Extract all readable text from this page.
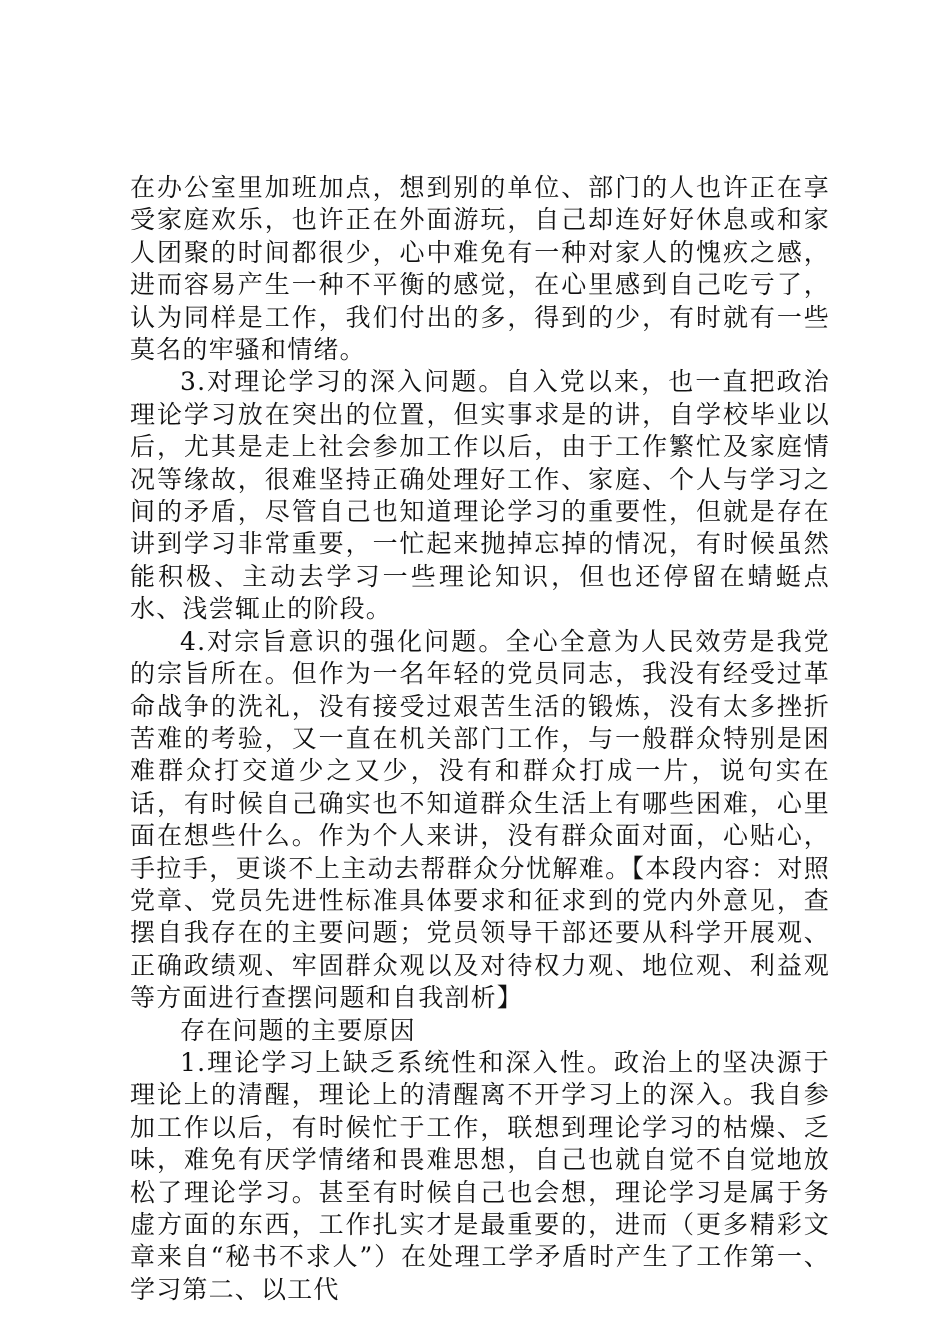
在办公室里加班加点，想到别的单位、部门的人也许正在享受家庭欢乐，也许正在外面游玩，自己却连好好休息或和家人团聚的时间都很少，心中难免有一种对家人的愧疚之感，进而容易产生一种不平衡的感觉，在心里感到自己吃亏了，认为同样是工作，我们付出的多，得到的少，有时就有一些莫名的牢骚和情绪。

3.对理论学习的深入问题。自入党以来，也一直把政治理论学习放在突出的位置，但实事求是的讲，自学校毕业以后，尤其是走上社会参加工作以后，由于工作繁忙及家庭情况等缘故，很难坚持正确处理好工作、家庭、个人与学习之间的矛盾，尽管自己也知道理论学习的重要性，但就是存在讲到学习非常重要，一忙起来抛掉忘掉的情况，有时候虽然能积极、主动去学习一些理论知识，但也还停留在蜻蜓点水、浅尝辄止的阶段。

4.对宗旨意识的强化问题。全心全意为人民效劳是我党的宗旨所在。但作为一名年轻的党员同志，我没有经受过革命战争的洗礼，没有接受过艰苦生活的锻炼，没有太多挫折苦难的考验，又一直在机关部门工作，与一般群众特别是困难群众打交道少之又少，没有和群众打成一片，说句实在话，有时候自己确实也不知道群众生活上有哪些困难，心里面在想些什么。作为个人来讲，没有群众面对面，心贴心，手拉手，更谈不上主动去帮群众分忧解难。【本段内容：对照党章、党员先进性标准具体要求和征求到的党内外意见，查摆自我存在的主要问题；党员领导干部还要从科学开展观、正确政绩观、牢固群众观以及对待权力观、地位观、利益观等方面进行查摆问题和自我剖析】

存在问题的主要原因

1.理论学习上缺乏系统性和深入性。政治上的坚决源于理论上的清醒，理论上的清醒离不开学习上的深入。我自参加工作以后，有时候忙于工作，联想到理论学习的枯燥、乏味，难免有厌学情绪和畏难思想，自己也就自觉不自觉地放松了理论学习。甚至有时候自己也会想，理论学习是属于务虚方面的东西，工作扎实才是最重要的，进而（更多精彩文章来自“秘书不求人”）在处理工学矛盾时产生了工作第一、学习第二、以工代
